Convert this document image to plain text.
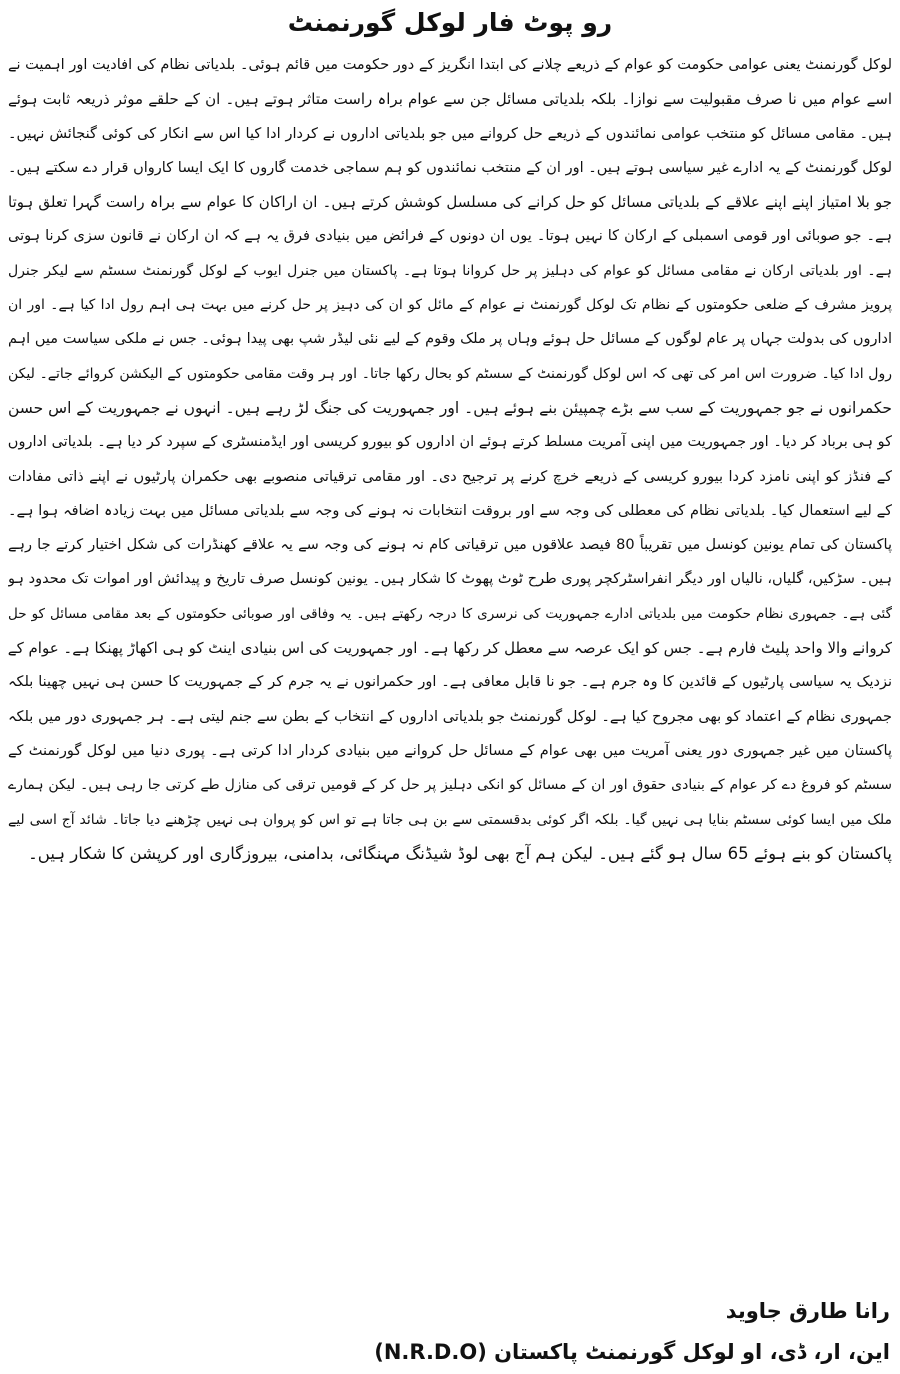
رو پوٹ فار لوکل گورنمنٹ
لوکل گورنمنٹ یعنی عوامی حکومت کو عوام کے ذریعے چلانے کی ابتدا انگریز کے دور حکومت میں قائم ہوئی۔ بلدیاتی نظام کی افادیت اور اہمیت نے
اسے عوام میں نا صرف مقبولیت سے نوازا۔ بلکہ بلدیاتی مسائل جن سے عوام براہ راست متاثر ہوتے ہیں۔ ان کے حلقے موثر ذریعہ ثابت ہوئے
ہیں۔ مقامی مسائل کو منتخب عوامی نمائندوں کے ذریعے حل کروانے میں جو بلدیاتی اداروں نے کردار ادا کیا اس سے انکار کی کوئی گنجائش نہیں۔
لوکل گورنمنٹ کے یہ ادارے غیر سیاسی ہوتے ہیں۔ اور ان کے منتخب نمائندوں کو ہم سماجی خدمت گاروں کا ایک ایسا کارواں قرار دے سکتے ہیں۔
جو بلا امتیاز اپنے اپنے علاقے کے بلدیاتی مسائل کو حل کرانے کی مسلسل کوشش کرتے ہیں۔ ان اراکان کا عوام سے براہ راست گہرا تعلق ہوتا
ہے۔ جو صوبائی اور قومی اسمبلی کے ارکان کا نہیں ہوتا۔ یوں ان دونوں کے فرائض میں بنیادی فرق یہ ہے کہ ان ارکان نے قانون سزی کرنا ہوتی
ہے۔ اور بلدیاتی ارکان نے مقامی مسائل کو عوام کی دہلیز پر حل کروانا ہوتا ہے۔ پاکستان میں جنرل ایوب کے لوکل گورنمنٹ سسٹم سے لیکر جنرل
پرویز مشرف کے ضلعی حکومتوں کے نظام تک لوکل گورنمنٹ نے عوام کے مائل کو ان کی دہیز پر حل کرنے میں بہت ہی اہم رول ادا کیا ہے۔ اور ان
اداروں کی بدولت جہاں پر عام لوگوں کے مسائل حل ہوئے وہاں پر ملک وقوم کے لیے نئی لیڈر شپ بھی پیدا ہوئی۔ جس نے ملکی سیاست میں اہم
رول ادا کیا۔ ضرورت اس امر کی تھی کہ اس لوکل گورنمنٹ کے سسٹم کو بحال رکھا جاتا۔ اور ہر وقت مقامی حکومتوں کے الیکشن کروائے جاتے۔ لیکن
حکمرانوں نے جو جمہوریت کے سب سے بڑے چمپیئن بنے ہوئے ہیں۔ اور جمہوریت کی جنگ لڑ رہے ہیں۔ انہوں نے جمہوریت کے اس حسن
کو ہی برباد کر دیا۔ اور جمہوریت میں اپنی آمریت مسلط کرتے ہوئے ان اداروں کو بیورو کریسی اور ایڈمنسٹری کے سپرد کر دیا ہے۔ بلدیاتی اداروں
کے فنڈز کو اپنی نامزد کردا بیورو کریسی کے ذریعے خرچ کرنے پر ترجیح دی۔ اور مقامی ترقیاتی منصوبے بھی حکمران پارٹیوں نے اپنے ذاتی مفادات
کے لیے استعمال کیا۔ بلدیاتی نظام کی معطلی کی وجہ سے اور بروقت انتخابات نہ ہونے کی وجہ سے بلدیاتی مسائل میں بہت زیادہ اضافہ ہوا ہے۔
پاکستان کی تمام یونین کونسل میں تقریباً 80 فیصد علاقوں میں ترقیاتی کام نہ ہونے کی وجہ سے یہ علاقے کھنڈرات کی شکل اختیار کرتے جا رہے
ہیں۔ سڑکیں، گلیاں، نالیاں اور دیگر انفراسٹرکچر پوری طرح ٹوٹ پھوٹ کا شکار ہیں۔ یونین کونسل صرف تاریخ و پیدائش اور اموات تک محدود ہو
گئی ہے۔ جمہوری نظام حکومت میں بلدیاتی ادارے جمہوریت کی نرسری کا درجہ رکھتے ہیں۔ یہ وفاقی اور صوبائی حکومتوں کے بعد مقامی مسائل کو حل
کروانے والا واحد پلیٹ فارم ہے۔ جس کو ایک عرصہ سے معطل کر رکھا ہے۔ اور جمہوریت کی اس بنیادی اینٹ کو ہی اکھاڑ پھنکا ہے۔ عوام کے
نزدیک یہ سیاسی پارٹیوں کے قائدین کا وہ جرم ہے۔ جو نا قابل معافی ہے۔ اور حکمرانوں نے یہ جرم کر کے جمہوریت کا حسن ہی نہیں چھینا بلکہ
جمہوری نظام کے اعتماد کو بھی مجروح کیا ہے۔ لوکل گورنمنٹ جو بلدیاتی اداروں کے انتخاب کے بطن سے جنم لیتی ہے۔ ہر جمہوری دور میں بلکہ
پاکستان میں غیر جمہوری دور یعنی آمریت میں بھی عوام کے مسائل حل کروانے میں بنیادی کردار ادا کرتی ہے۔ پوری دنیا میں لوکل گورنمنٹ کے
سسٹم کو فروغ دے کر عوام کے بنیادی حقوق اور ان کے مسائل کو انکی دہلیز پر حل کر کے قومیں ترقی کی منازل طے کرتی جا رہی ہیں۔ لیکن ہمارے
ملک میں ایسا کوئی سسٹم بنایا ہی نہیں گیا۔ بلکہ اگر کوئی بدقسمتی سے بن ہی جاتا ہے تو اس کو پروان ہی نہیں چڑھنے دیا جاتا۔ شائد آج اسی لیے
پاکستان کو بنے ہوئے 65 سال ہو گئے ہیں۔ لیکن ہم آج بھی لوڈ شیڈنگ مہنگائی، بدامنی، بیروزگاری اور کرپشن کا شکار ہیں۔
رانا طارق جاوید
این، ار، ڈی، او لوکل گورنمنٹ پاکستان (N.R.D.O)
